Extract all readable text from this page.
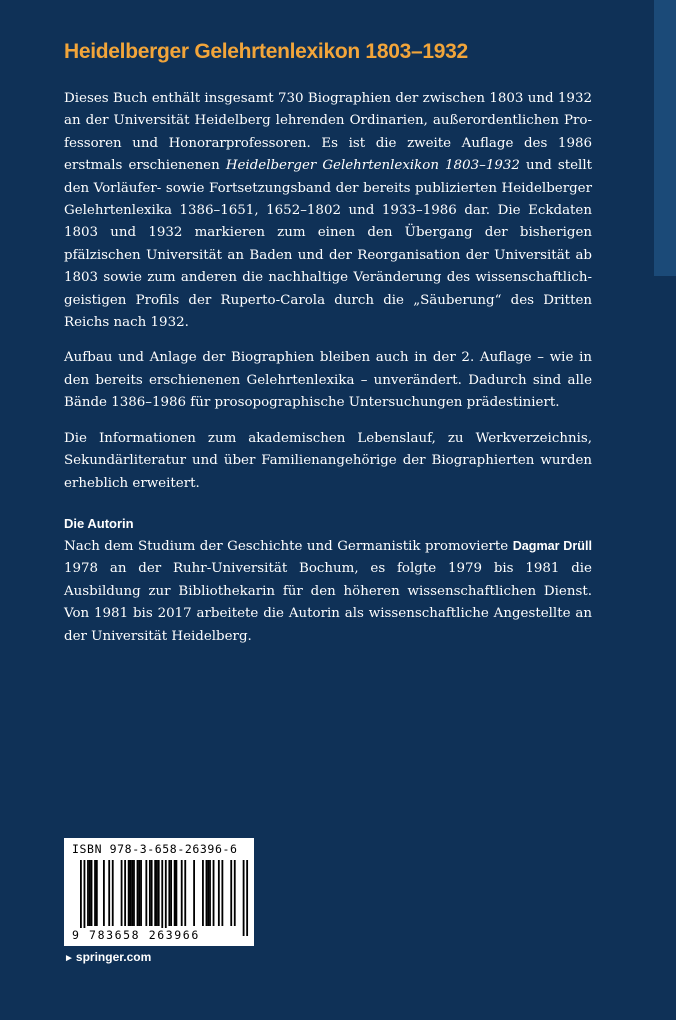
Heidelberger Gelehrtenlexikon 1803–1932

Dieses Buch enthält insgesamt 730 Biographien der zwischen 1803 und 1932 an der Universität Heidelberg lehrenden Ordinarien, außerordentlichen Professoren und Honorarprofessoren. Es ist die zweite Auflage des 1986 erstmals erschienenen Heidelberger Gelehrtenlexikon 1803–1932 und stellt den Vorläufer- sowie Fortsetzungsband der bereits publizierten Heidelberger Gelehrtenlexika 1386–1651, 1652–1802 und 1933–1986 dar. Die Eckdaten 1803 und 1932 markieren zum einen den Übergang der bisherigen pfälzischen Universität an Baden und der Reorganisation der Universität ab 1803 sowie zum anderen die nachhaltige Veränderung des wissenschaftlich-geistigen Profils der Ruperto-Carola durch die „Säuberung“ des Dritten Reichs nach 1932.

Aufbau und Anlage der Biographien bleiben auch in der 2. Auflage – wie in den bereits erschienenen Gelehrtenlexika – unverändert. Dadurch sind alle Bände 1386–1986 für prosopographische Untersuchungen prädestiniert.

Die Informationen zum akademischen Lebenslauf, zu Werkverzeichnis, Sekundärliteratur und über Familienangehörige der Biographierten wurden erheblich erweitert.

Die Autorin

Nach dem Studium der Geschichte und Germanistik promovierte Dagmar Drüll 1978 an der Ruhr-Universität Bochum, es folgte 1979 bis 1981 die Ausbildung zur Bibliothekarin für den höheren wissenschaftlichen Dienst. Von 1981 bis 2017 arbeitete die Autorin als wissenschaftliche Angestellte an der Universität Heidelberg.

ISBN 978-3-658-26396-6
9 783658 263966
► springer.com
